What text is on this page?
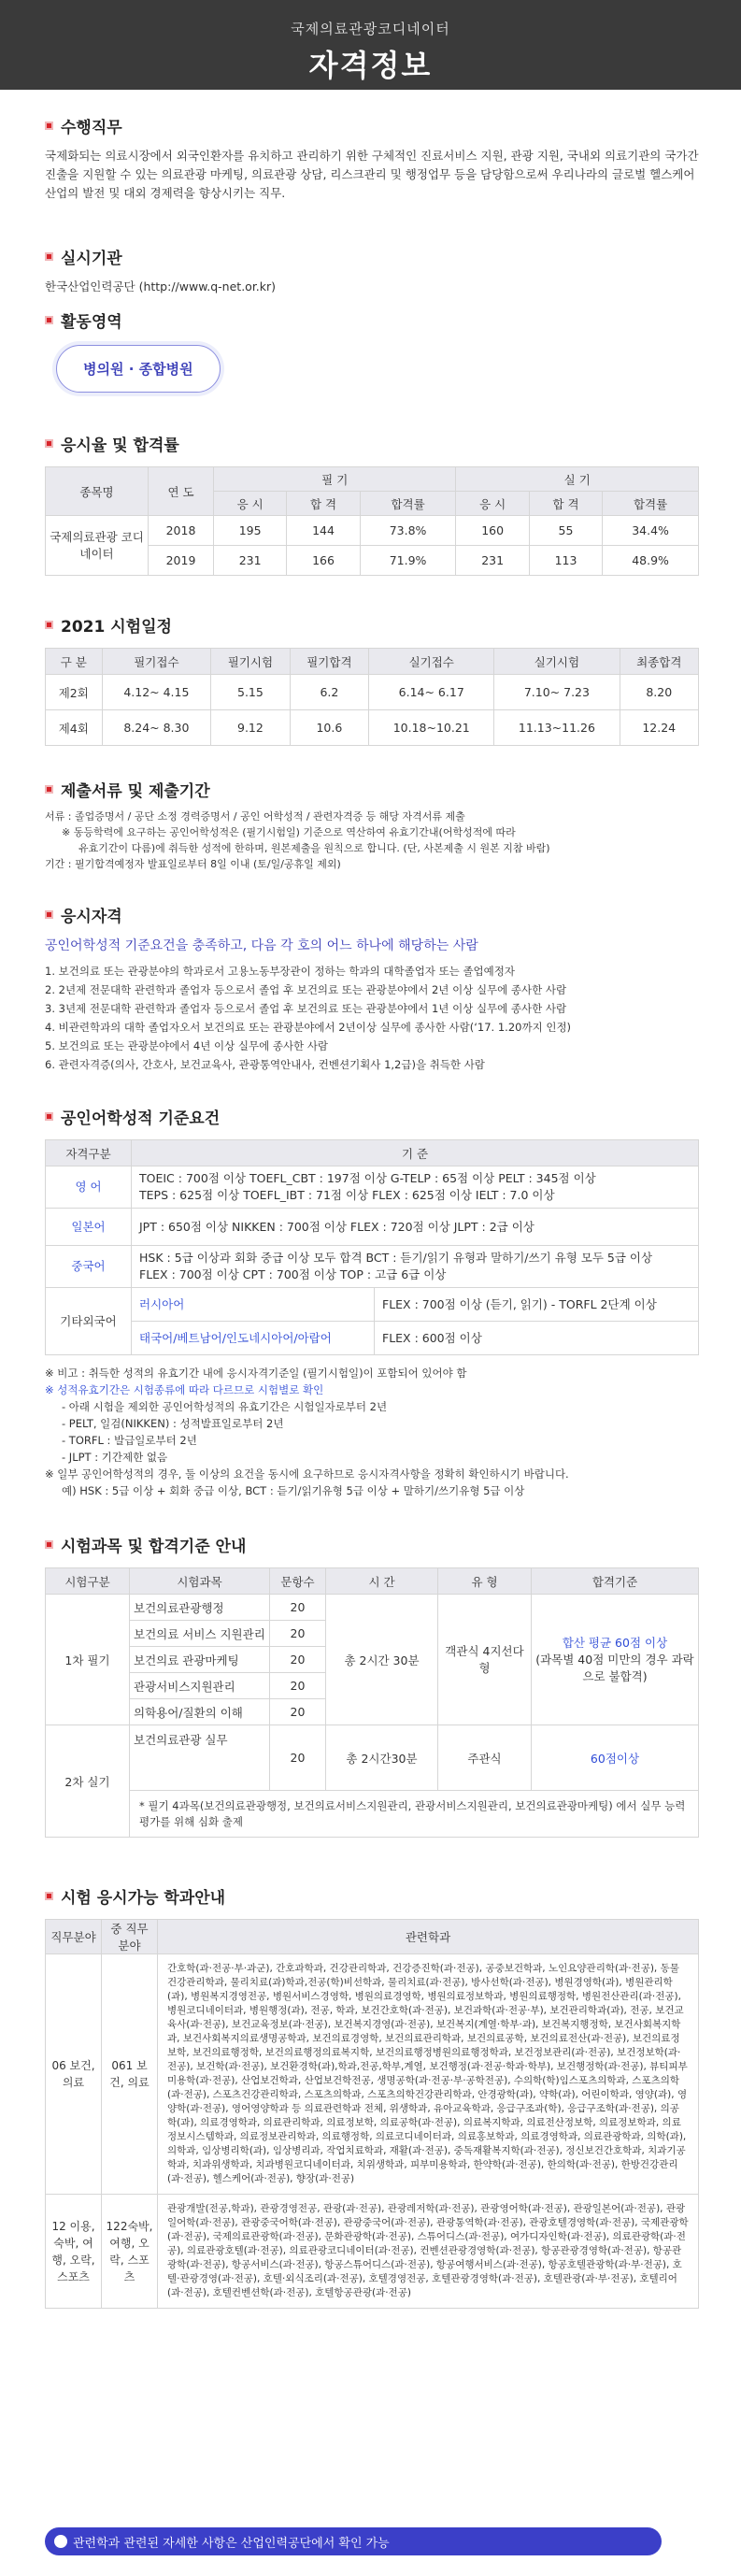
국제의료관광코디네이터
자격정보
수행직무
국제화되는 의료시장에서 외국인환자를 유치하고 관리하기 위한 구체적인 진료서비스 지원, 관광 지원, 국내외 의료기관의 국가간 진출을 지원할 수 있는 의료관광 마케팅, 의료관광 상담, 리스크관리 및 행정업무 등을 담당함으로써 우리나라의 글로벌 헬스케어산업의 발전 및 대외 경제력을 향상시키는 직무.
실시기관
한국산업인력공단 (http://www.q-net.or.kr)
활동영역
병의원 · 종합병원
응시율 및 합격률
종목명	연 도	필 기			실 기		
		응 시	합 격	합격률	응 시	합 격	합격률
국제의료관광 코디네이터	2018	195	144	73.8%	160	55	34.4%
	2019	231	166	71.9%	231	113	48.9%
2021 시험일정
구 분	필기접수	필기시험	필기합격	실기접수	실기시험	최종합격
제2회	4.12~ 4.15	5.15	6.2	6.14~ 6.17	7.10~ 7.23	8.20
제4회	8.24~ 8.30	9.12	10.6	10.18~10.21	11.13~11.26	12.24
제출서류 및 제출기간
서류 : 졸업증명서 / 공단 소정 경력증명서 / 공인 어학성적 / 관련자격증 등 해당 자격서류 제출
※ 동등학력에 요구하는 공인어학성적은 (필기시험일) 기준으로 역산하여 유효기간내(어학성적에 따라
유효기간이 다름)에 취득한 성적에 한하며, 원본제출을 원칙으로 합니다. (단, 사본제출 시 원본 지참 바람)
기간 : 필기합격예정자 발표일로부터 8일 이내 (토/일/공휴일 제외)
응시자격
공인어학성적 기준요건을 충족하고, 다음 각 호의 어느 하나에 해당하는 사람
1. 보건의료 또는 관광분야의 학과로서 고용노동부장관이 정하는 학과의 대학졸업자 또는 졸업예정자
2. 2년제 전문대학 관련학과 졸업자 등으로서 졸업 후 보건의료 또는 관광분야에서 2년 이상 실무에 종사한 사람
3. 3년제 전문대학 관련학과 졸업자 등으로서 졸업 후 보건의료 또는 관광분야에서 1년 이상 실무에 종사한 사람
4. 비관련학과의 대학 졸업자오서 보건의료 또는 관광분야에서 2년이상 실무에 종사한 사람(‘17. 1.20까지 인정)
5. 보건의료 또는 관광분야에서 4년 이상 실무에 종사한 사람
6. 관련자격증(의사, 간호사, 보건교육사, 관광통역안내사, 컨벤션기획사 1,2급)을 취득한 사람
공인어학성적 기준요건
자격구분	기 준	
영 어	TOEIC : 700점 이상 TOEFL_CBT : 197점 이상 G-TELP : 65점 이상 PELT : 345점 이상
TEPS : 625점 이상 TOEFL_IBT : 71점 이상 FLEX : 625점 이상 IELT : 7.0 이상	

일본어	JPT : 650점 이상 NIKKEN : 700점 이상 FLEX : 720점 이상 JLPT : 2급 이상	
중국어	HSK : 5급 이상과 회화 중급 이상 모두 합격 BCT : 듣기/읽기 유형과 말하기/쓰기 유형 모두 5급 이상
FLEX : 700점 이상 CPT : 700점 이상 TOP : 고급 6급 이상	

기타외국어	러시아어	FLEX : 700점 이상 (듣기, 읽기) - TORFL 2단계 이상
	태국어/베트남어/인도네시아어/아랍어	FLEX : 600점 이상
※ 비고 : 취득한 성적의 유효기간 내에 응시자격기준일 (필기시험일)이 포함되어 있어야 함
※ 성적유효기간은 시험종류에 따라 다르므로 시험별로 확인
- 아래 시험을 제외한 공인어학성적의 유효기간은 시험일자로부터 2년
- PELT, 일검(NIKKEN) : 성적발표일로부터 2년
- TORFL : 발급일로부터 2년
- JLPT : 기간제한 없음
※ 일부 공인어학성적의 경우, 둘 이상의 요건을 동시에 요구하므로 응시자격사항을 정확히 확인하시기 바랍니다.
예) HSK : 5급 이상 + 회화 중급 이상, BCT : 듣기/읽기유형 5급 이상 + 말하기/쓰기유형 5급 이상
시험과목 및 합격기준 안내
시험구분	시험과목	문항수	시 간	유 형	합격기준
1차 필기	보건의료관광행정	20	총 2시간 30분	객관식 4지선다형	합산 평균 60점 이상
(과목별 40점 미만의 경우 과락으로 불합격)

	보건의료 서비스 지원관리	20			
	보건의료 관광마케팅	20			
	관광서비스지원관리	20			
	의학용어/질환의 이해	20			
2차 실기	보건의료관광 실무	20	총 2시간30분	주관식	60점이상
	* 필기 4과목(보건의료관광행정, 보건의료서비스지원관리, 관광서비스지원관리, 보건의료관광마케팅) 에서 실무 능력 평가를 위해 심화 출제				
시험 응시가능 학과안내
직무분야	중 직무분야	관련학과
06 보건, 의료	061 보건, 의료	간호학(과·전공·부·과군), 간호과학과, 건강관리학과, 건강증진학(과·전공), 공중보건학과, 노인요양관리학(과·전공), 동물건강관리학과, 물리치료(과)학과,전공(학)비선학과, 물리치료(과·전공), 방사선학(과·전공), 병원경영학(과), 병원관리학(과), 병원복지경영전공, 병원서비스경영학, 병원의료경영학, 병원의료정보학과, 병원의료행정학, 병원전산관리(과·전공), 병원코디네이터과, 병원행정(과), 전공, 학과, 보건간호학(과·전공), 보건과학(과·전공·부), 보건관리학과(과), 전공, 보건교육사(과·전공), 보건교육정보(과·전공), 보건복지경영(과·전공), 보건복지(계열·학부·과), 보건복지행정학, 보건사회복지학과, 보건사회복지의료생명공학과, 보건의료경영학, 보건의료관리학과, 보건의료공학, 보건의료전산(과·전공), 보건의료정보학, 보건의료행정학, 보건의료행정의료복지학, 보건의료행정병원의료행정학과, 보건정보관리(과·전공), 보건정보학(과·전공), 보건학(과·전공), 보건환경학(과),학과,전공,학부,계열, 보건행정(과·전공·학과·학부), 보건행정학(과·전공), 뷰티피부미용학(과·전공), 산업보건학과, 산업보건학전공, 생명공학(과·전공·부·공학전공), 수의학(학)임스포츠의학과, 스포츠의학(과·전공), 스포츠건강관리학과, 스포츠의학과, 스포츠의학건강관리학과, 안경광학(과), 약학(과), 어린이학과, 영양(과), 영양학(과·전공), 영어영양학과 등 의료관련학과 전체, 위생학과, 유아교육학과, 응급구조과(학), 응급구조학(과·전공), 의공학(과), 의료경영학과, 의료관리학과, 의료정보학, 의료공학(과·전공), 의료복지학과, 의료전산정보학, 의료정보학과, 의료정보시스템학과, 의료정보관리학과, 의료행정학, 의료코디네이터과, 의료홍보학과, 의료경영학과, 의료관광학과, 의학(과), 의학과, 임상병리학(과), 임상병리과, 작업치료학과, 재활(과·전공), 중독재활복지학(과·전공), 정신보건간호학과, 치과기공학과, 치과위생학과, 치과병원코디네이터과, 치위생학과, 피부미용학과, 한약학(과·전공), 한의학(과·전공), 한방건강관리(과·전공), 헬스케어(과·전공), 향장(과·전공)
12 이용, 숙박, 여행, 오락, 스포츠	122숙박, 여행, 오락, 스포츠	관광개발(전공,학과), 관광경영전공, 관광(과·전공), 관광레저학(과·전공), 관광영어학(과·전공), 관광일본어(과·전공), 관광일어학(과·전공), 관광중국어학(과·전공), 관광중국어(과·전공), 관광통역학(과·전공), 관광호텔경영학(과·전공), 국제관광학(과·전공), 국제의료관광학(과·전공), 문화관광학(과·전공), 스튜어디스(과·전공), 여가디자인학(과·전공), 의료관광학(과·전공), 의료관광호텔(과·전공), 의료관광코디네이터(과·전공), 컨벤션관광경영학(과·전공), 항공관광경영학(과·전공), 항공관광학(과·전공), 항공서비스(과·전공), 항공스튜어디스(과·전공), 항공여행서비스(과·전공), 항공호텔관광학(과·부·전공), 호텔·관광경영(과·전공), 호텔·외식조리(과·전공), 호텔경영전공, 호텔관광경영학(과·전공), 호텔관광(과·부·전공), 호텔리어(과·전공), 호텔컨벤션학(과·전공), 호텔항공관광(과·전공)
관련학과 관련된 자세한 사항은 산업인력공단에서 확인 가능
